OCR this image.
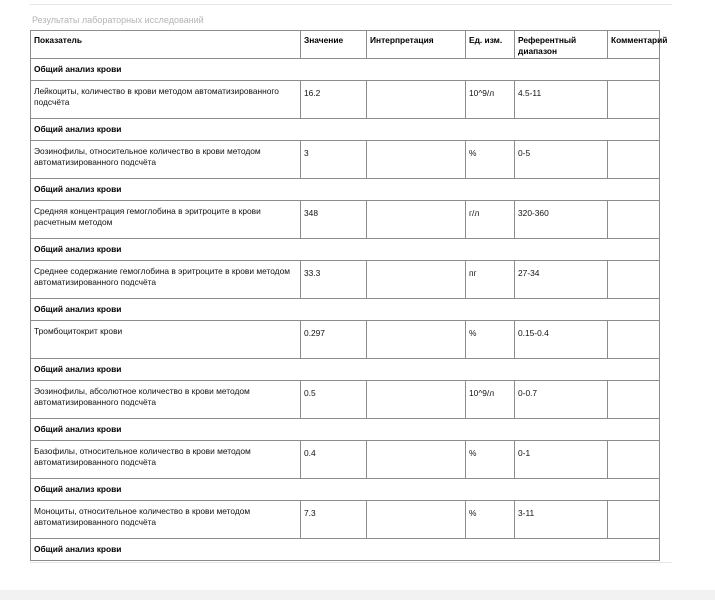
Результаты лабораторных исследований
Показатель	Значение	Интерпретация	Ед. изм.	Референтный диапазон	Комментарий
Общий анализ крови					
Лейкоциты, количество в крови методом автоматизированного подсчёта	16.2		10^9/л	4.5-11	
Общий анализ крови					
Эозинофилы, относительное количество в крови методом автоматизированного подсчёта	3		%	0-5	
Общий анализ крови					
Средняя концентрация гемоглобина в эритроците в крови расчетным методом	348		г/л	320-360	
Общий анализ крови					
Среднее содержание гемоглобина в эритроците в крови методом автоматизированного подсчёта	33.3		пг	27-34	
Общий анализ крови					
Тромбоцитокрит крови	0.297		%	0.15-0.4	
Общий анализ крови					
Эозинофилы, абсолютное количество в крови методом автоматизированного подсчёта	0.5		10^9/л	0-0.7	
Общий анализ крови					
Базофилы, относительное количество в крови методом автоматизированного подсчёта	0.4		%	0-1	
Общий анализ крови					
Моноциты, относительное количество в крови методом автоматизированного подсчёта	7.3		%	3-11	
Общий анализ крови					
